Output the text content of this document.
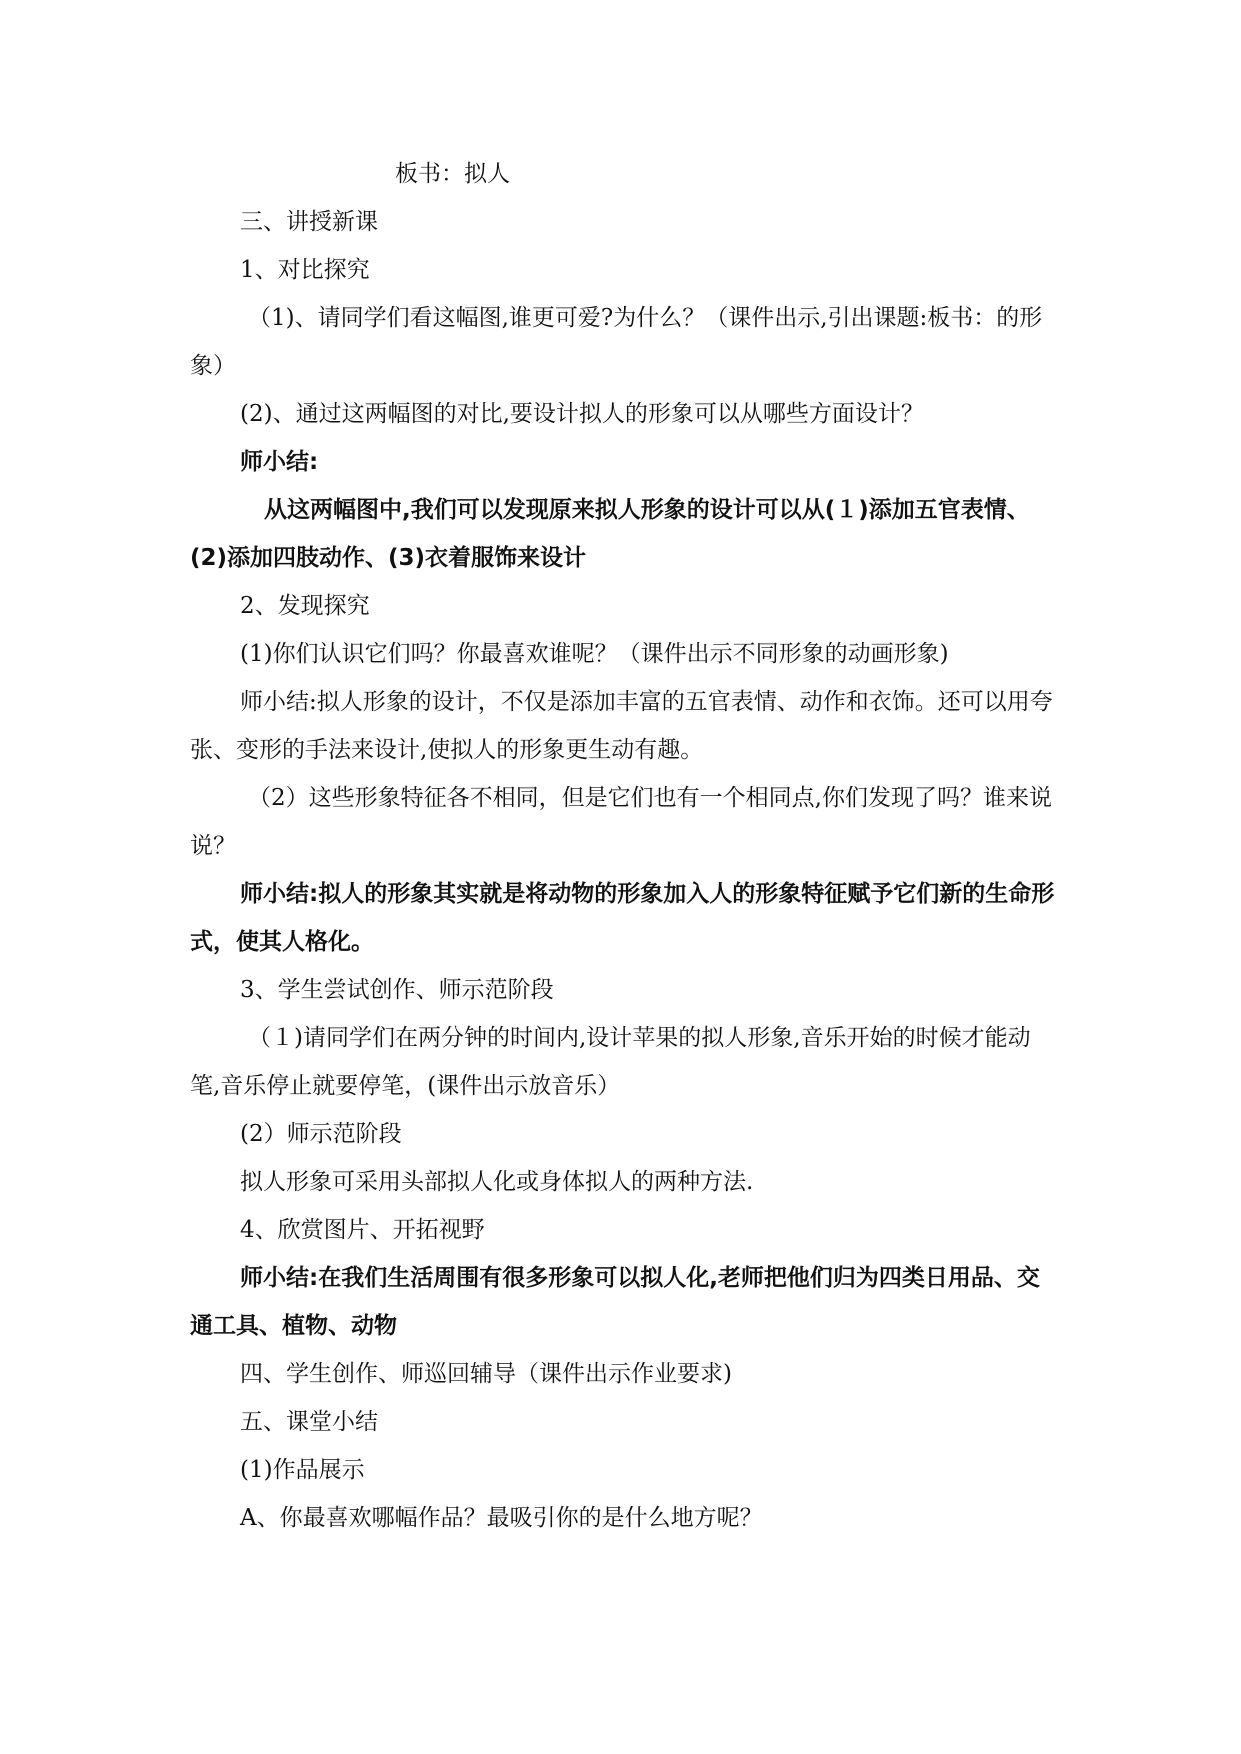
板书：拟人

三、讲授新课

1、对比探究

（1)、请同学们看这幅图,谁更可爱?为什么？（课件出示,引出课题:板书：的形象）

(2)、通过这两幅图的对比,要设计拟人的形象可以从哪些方面设计？

师小结:

从这两幅图中,我们可以发现原来拟人形象的设计可以从(１)添加五官表情、(2)添加四肢动作、(3)衣着服饰来设计

2、发现探究

(1)你们认识它们吗？你最喜欢谁呢？（课件出示不同形象的动画形象)

师小结:拟人形象的设计，不仅是添加丰富的五官表情、动作和衣饰。还可以用夸张、变形的手法来设计,使拟人的形象更生动有趣。

（2）这些形象特征各不相同，但是它们也有一个相同点,你们发现了吗？谁来说说？

师小结:拟人的形象其实就是将动物的形象加入人的形象特征赋予它们新的生命形式，使其人格化。

3、学生尝试创作、师示范阶段

（１)请同学们在两分钟的时间内,设计苹果的拟人形象,音乐开始的时候才能动笔,音乐停止就要停笔，(课件出示放音乐）

(2）师示范阶段

拟人形象可采用头部拟人化或身体拟人的两种方法.

4、欣赏图片、开拓视野

师小结:在我们生活周围有很多形象可以拟人化,老师把他们归为四类日用品、交通工具、植物、动物

四、学生创作、师巡回辅导（课件出示作业要求)

五、课堂小结

(1)作品展示

A、你最喜欢哪幅作品？最吸引你的是什么地方呢？
